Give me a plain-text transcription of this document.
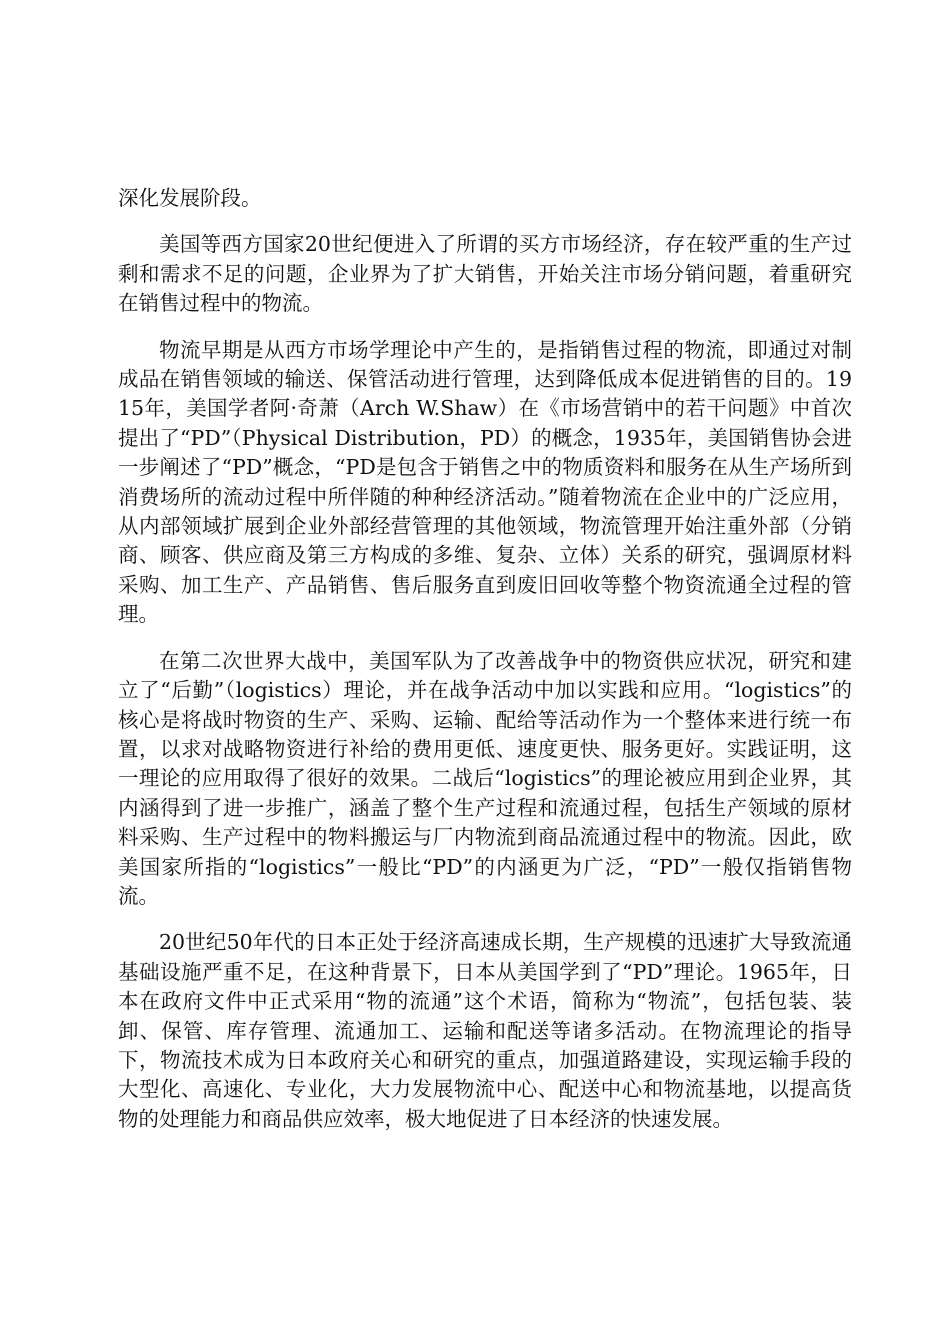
深化发展阶段。

美国等西方国家20世纪便进入了所谓的买方市场经济，存在较严重的生产过剩和需求不足的问题，企业界为了扩大销售，开始关注市场分销问题，着重研究在销售过程中的物流。

物流早期是从西方市场学理论中产生的，是指销售过程的物流，即通过对制成品在销售领域的输送、保管活动进行管理，达到降低成本促进销售的目的。1915年，美国学者阿·奇萧（Arch W.Shaw）在《市场营销中的若干问题》中首次提出了“PD”（Physical Distribution，PD）的概念，1935年，美国销售协会进一步阐述了“PD”概念，“PD是包含于销售之中的物质资料和服务在从生产场所到消费场所的流动过程中所伴随的种种经济活动。”随着物流在企业中的广泛应用，从内部领域扩展到企业外部经营管理的其他领域，物流管理开始注重外部（分销商、顾客、供应商及第三方构成的多维、复杂、立体）关系的研究，强调原材料采购、加工生产、产品销售、售后服务直到废旧回收等整个物资流通全过程的管理。

在第二次世界大战中，美国军队为了改善战争中的物资供应状况，研究和建立了“后勤”（logistics）理论，并在战争活动中加以实践和应用。“logistics”的核心是将战时物资的生产、采购、运输、配给等活动作为一个整体来进行统一布置，以求对战略物资进行补给的费用更低、速度更快、服务更好。实践证明，这一理论的应用取得了很好的效果。二战后“logistics”的理论被应用到企业界，其内涵得到了进一步推广，涵盖了整个生产过程和流通过程，包括生产领域的原材料采购、生产过程中的物料搬运与厂内物流到商品流通过程中的物流。因此，欧美国家所指的“logistics”一般比“PD”的内涵更为广泛，“PD”一般仅指销售物流。

20世纪50年代的日本正处于经济高速成长期，生产规模的迅速扩大导致流通基础设施严重不足，在这种背景下，日本从美国学到了“PD”理论。1965年，日本在政府文件中正式采用“物的流通”这个术语，简称为“物流”，包括包装、装卸、保管、库存管理、流通加工、运输和配送等诸多活动。在物流理论的指导下，物流技术成为日本政府关心和研究的重点，加强道路建设，实现运输手段的大型化、高速化、专业化，大力发展物流中心、配送中心和物流基地，以提高货物的处理能力和商品供应效率，极大地促进了日本经济的快速发展。
